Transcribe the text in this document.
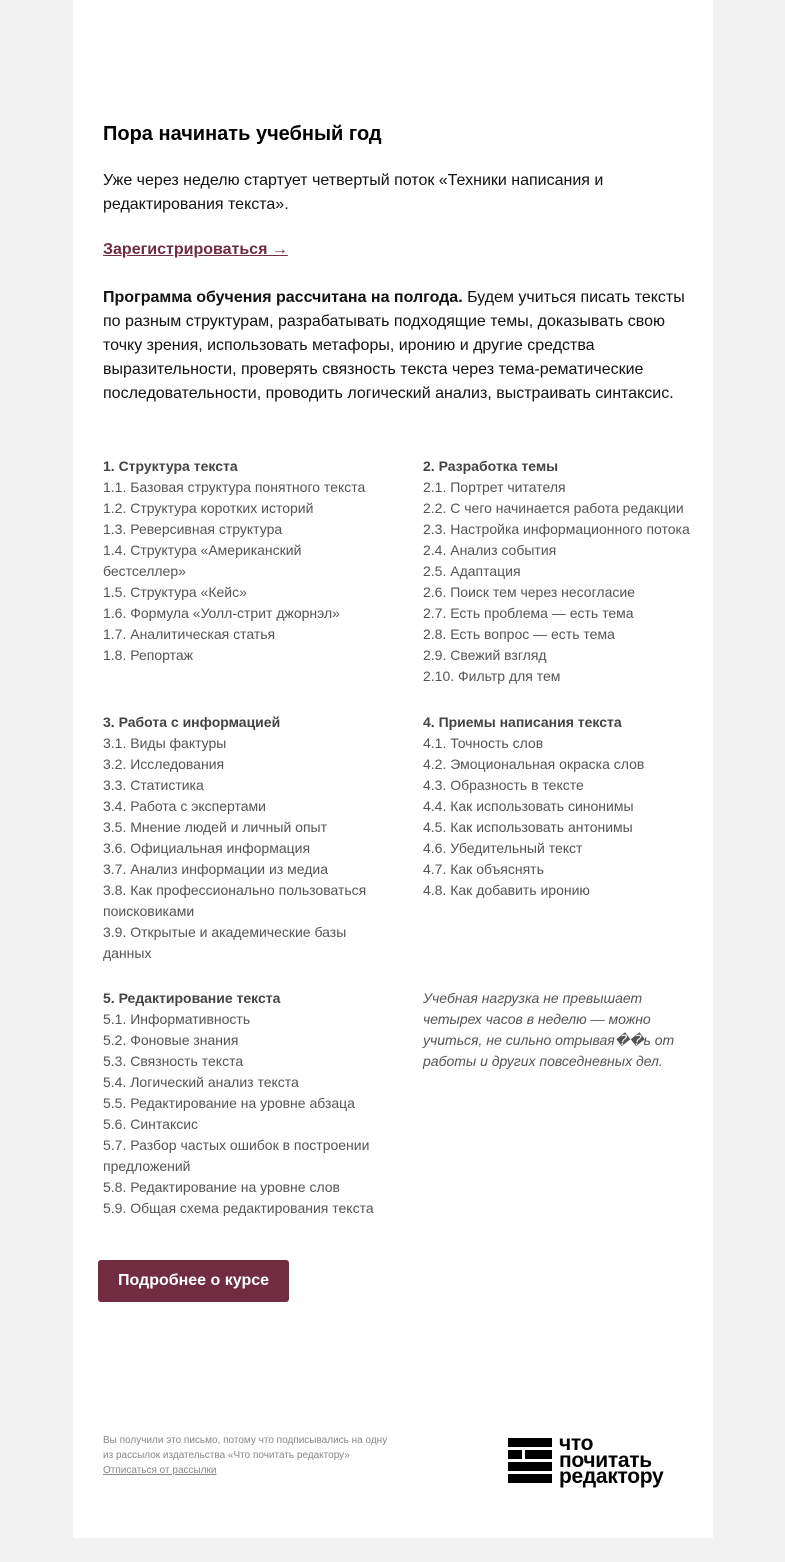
Пора начинать учебный год

Уже через неделю стартует четвертый поток «Техники написания и редактирования текста».

Зарегистрироваться →

Программа обучения рассчитана на полгода. Будем учиться писать тексты по разным структурам, разрабатывать подходящие темы, доказывать свою точку зрения, использовать метафоры, иронию и другие средства выразительности, проверять связность текста через тема-рематические последовательности, проводить логический анализ, выстраивать синтаксис.

1. Структура текста
1.1. Базовая структура понятного текста
1.2. Структура коротких историй
1.3. Реверсивная структура
1.4. Структура «Американский бестселлер»
1.5. Структура «Кейс»
1.6. Формула «Уолл-стрит джорнэл»
1.7. Аналитическая статья
1.8. Репортаж
2. Разработка темы
2.1. Портрет читателя
2.2. С чего начинается работа редакции
2.3. Настройка информационного потока
2.4. Анализ события
2.5. Адаптация
2.6. Поиск тем через несогласие
2.7. Есть проблема — есть тема
2.8. Есть вопрос — есть тема
2.9. Свежий взгляд
2.10. Фильтр для тем
3. Работа с информацией
3.1. Виды фактуры
3.2. Исследования
3.3. Статистика
3.4. Работа с экспертами
3.5. Мнение людей и личный опыт
3.6. Официальная информация
3.7. Анализ информации из медиа
3.8. Как профессионально пользоваться поисковиками
3.9. Открытые и академические базы данных
4. Приемы написания текста
4.1. Точность слов
4.2. Эмоциональная окраска слов
4.3. Образность в тексте
4.4. Как использовать синонимы
4.5. Как использовать антонимы
4.6. Убедительный текст
4.7. Как объяснять
4.8. Как добавить иронию
5. Редактирование текста
5.1. Информативность
5.2. Фоновые знания
5.3. Связность текста
5.4. Логический анализ текста
5.5. Редактирование на уровне абзаца
5.6. Синтаксис
5.7. Разбор частых ошибок в построении предложений
5.8. Редактирование на уровне слов
5.9. Общая схема редактирования текста

Учебная нагрузка не превышает четырех часов в неделю — можно учиться, не сильно отрывая��ь от работы и других повседневных дел.

Подробнее о курсе
Вы получили это письмо, потому что подписывались на одну из рассылок издательства «Что почитать редактору»
Отписаться от рассылки
что
почитать
редактору
